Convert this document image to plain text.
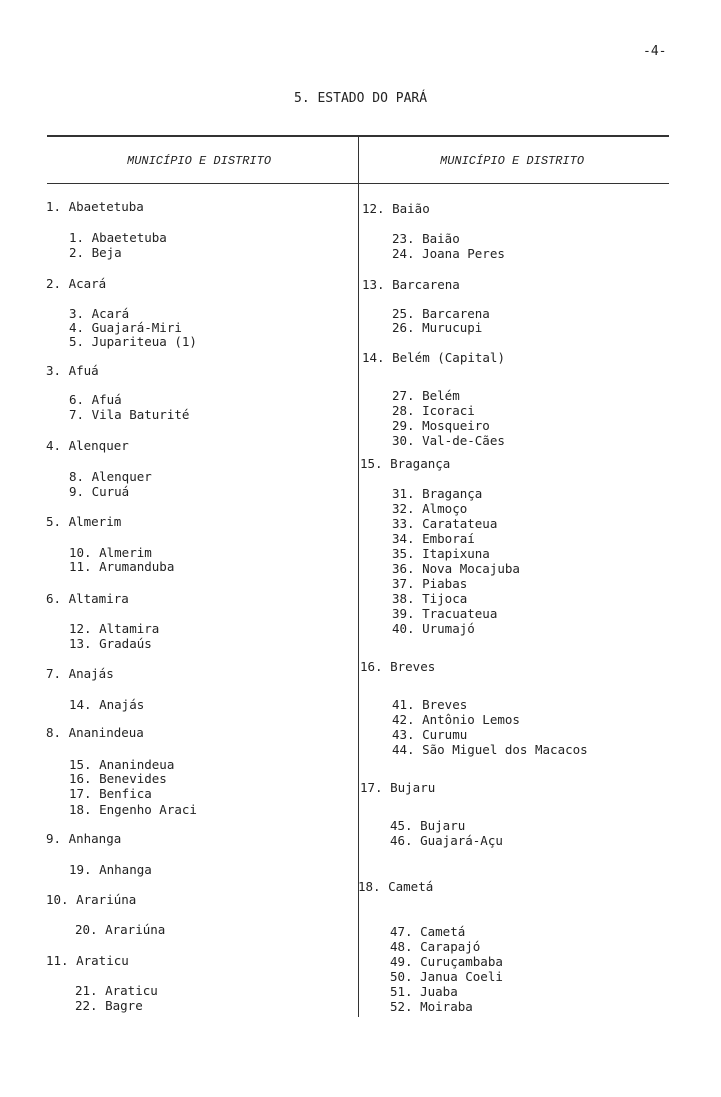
-4-
5. ESTADO DO PARÁ
MUNICÍPIO E DISTRITO	MUNICÍPIO E DISTRITO
1. Abaetetuba
1. Abaetetuba
2. Beja
2. Acará
3. Acará
4. Guajará-Miri
5. Jupariteua (1)
3. Afuá
6. Afuá
7. Vila Baturité
4. Alenquer
8. Alenquer
9. Curuá
5. Almerim
10. Almerim
11. Arumanduba
6. Altamira
12. Altamira
13. Gradaús
7. Anajás
14. Anajás
8. Ananindeua
15. Ananindeua
16. Benevides
17. Benfica
18. Engenho Araci
9. Anhanga
19. Anhanga
10. Arariúna
20. Arariúna
11. Araticu
21. Araticu
22. Bagre
12. Baião
23. Baião
24. Joana Peres
13. Barcarena
25. Barcarena
26. Murucupi
14. Belém (Capital)
27. Belém
28. Icoraci
29. Mosqueiro
30. Val-de-Cães
15. Bragança
31. Bragança
32. Almoço
33. Caratateua
34. Emboraí
35. Itapixuna
36. Nova Mocajuba
37. Piabas
38. Tijoca
39. Tracuateua
40. Urumajó
16. Breves
41. Breves
42. Antônio Lemos
43. Curumu
44. São Miguel dos Macacos
17. Bujaru
45. Bujaru
46. Guajará-Açu
18. Cametá
47. Cametá
48. Carapajó
49. Curuçambaba
50. Janua Coeli
51. Juaba
52. Moiraba
